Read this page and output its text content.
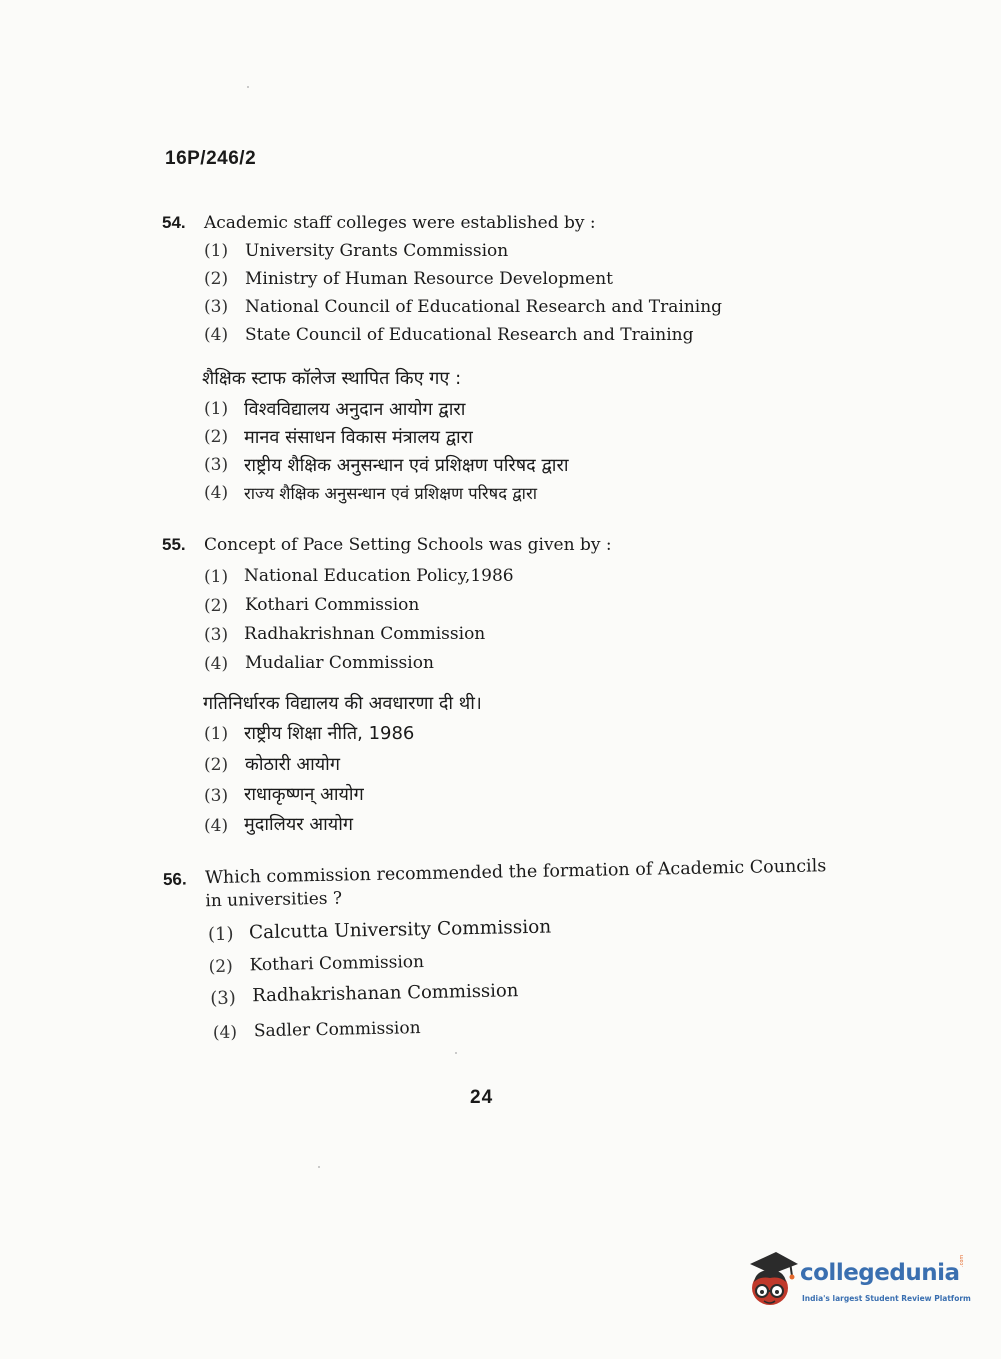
16P/246/2
54. Academic staff colleges were established by :
(1) University Grants Commission
(2) Ministry of Human Resource Development
(3) National Council of Educational Research and Training
(4) State Council of Educational Research and Training
शैक्षिक स्टाफ कॉलेज स्थापित किए गए :
(1) विश्वविद्यालय अनुदान आयोग द्वारा
(2) मानव संसाधन विकास मंत्रालय द्वारा
(3) राष्ट्रीय शैक्षिक अनुसन्धान एवं प्रशिक्षण परिषद द्वारा
(4) राज्य शैक्षिक अनुसन्धान एवं प्रशिक्षण परिषद द्वारा
55. Concept of Pace Setting Schools was given by :
(1) National Education Policy,1986
(2) Kothari Commission
(3) Radhakrishnan Commission
(4) Mudaliar Commission
गतिनिर्धारक विद्यालय की अवधारणा दी थी।
(1) राष्ट्रीय शिक्षा नीति, 1986
(2) कोठारी आयोग
(3) राधाकृष्णन् आयोग
(4) मुदालियर आयोग
56. Which commission recommended the formation of Academic Councils
in universities ?
(1) Calcutta University Commission
(2) Kothari Commission
(3) Radhakrishanan Commission
(4) Sadler Commission
24
collegedunia .com
India's largest Student Review Platform
